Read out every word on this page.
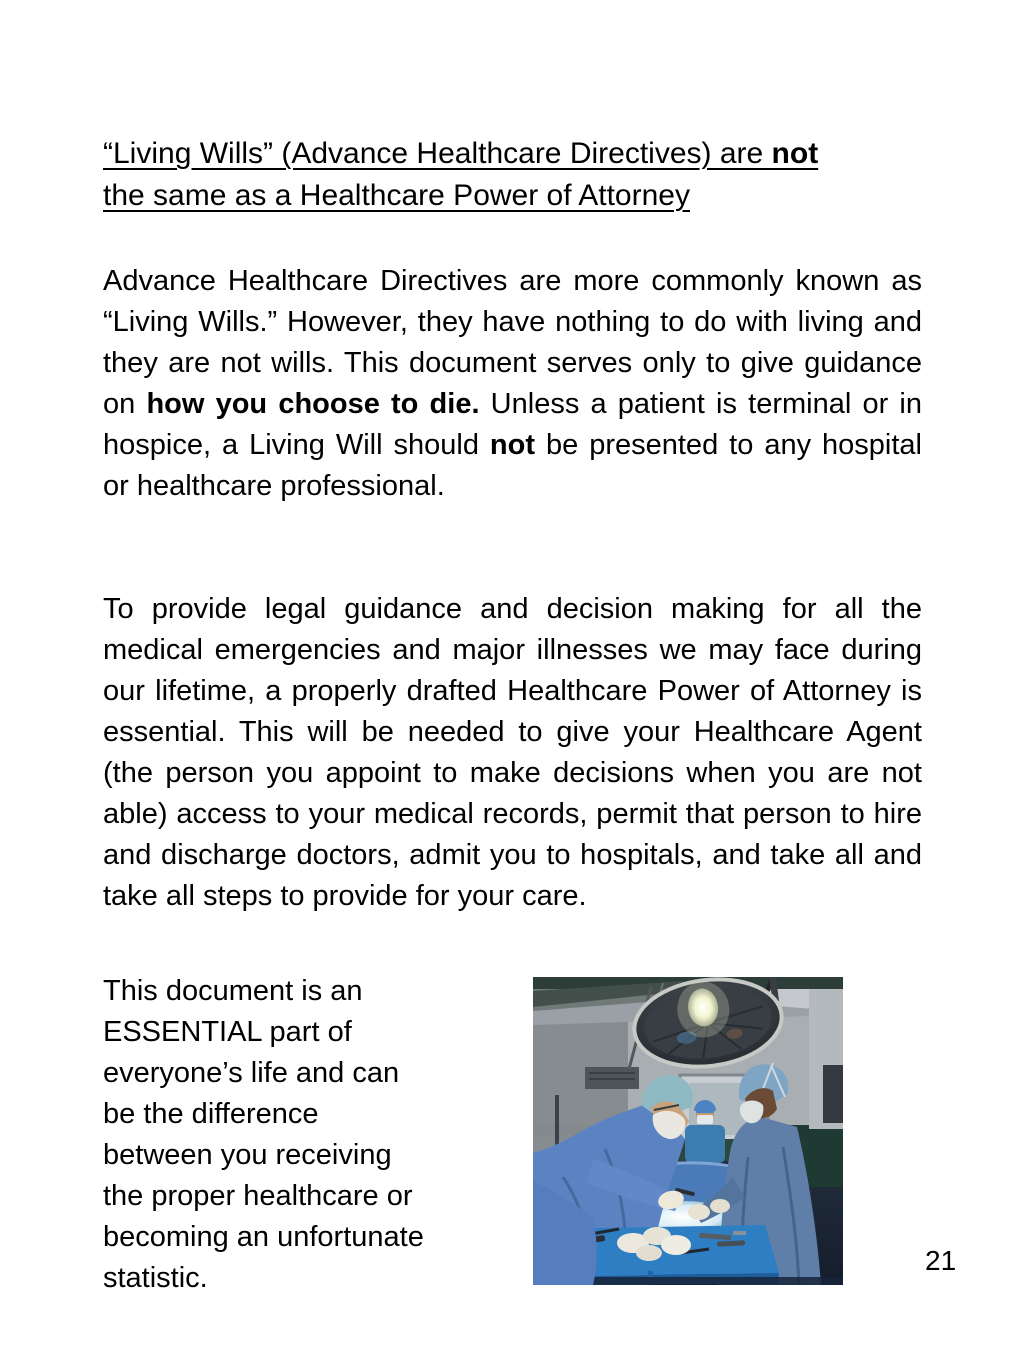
“Living Wills” (Advance Healthcare Directives) are not
the same as a Healthcare Power of Attorney
Advance Healthcare Directives are more commonly known as “Living Wills.” However, they have nothing to do with living and they are not wills. This document serves only to give guidance on how you choose to die. Unless a patient is terminal or in hospice, a Living Will should not be presented to any hospital or healthcare professional.
To provide legal guidance and decision making for all the medical emergencies and major illnesses we may face during our lifetime, a properly drafted Healthcare Power of Attorney is essential. This will be needed to give your Healthcare Agent (the person you appoint to make decisions when you are not able) access to your medical records, permit that person to hire and discharge doctors, admit you to hospitals, and take all and take all steps to provide for your care.
This document is an
ESSENTIAL part of
everyone’s life and can
be the difference
between you receiving
the proper healthcare or
becoming an unfortunate
statistic.
21
